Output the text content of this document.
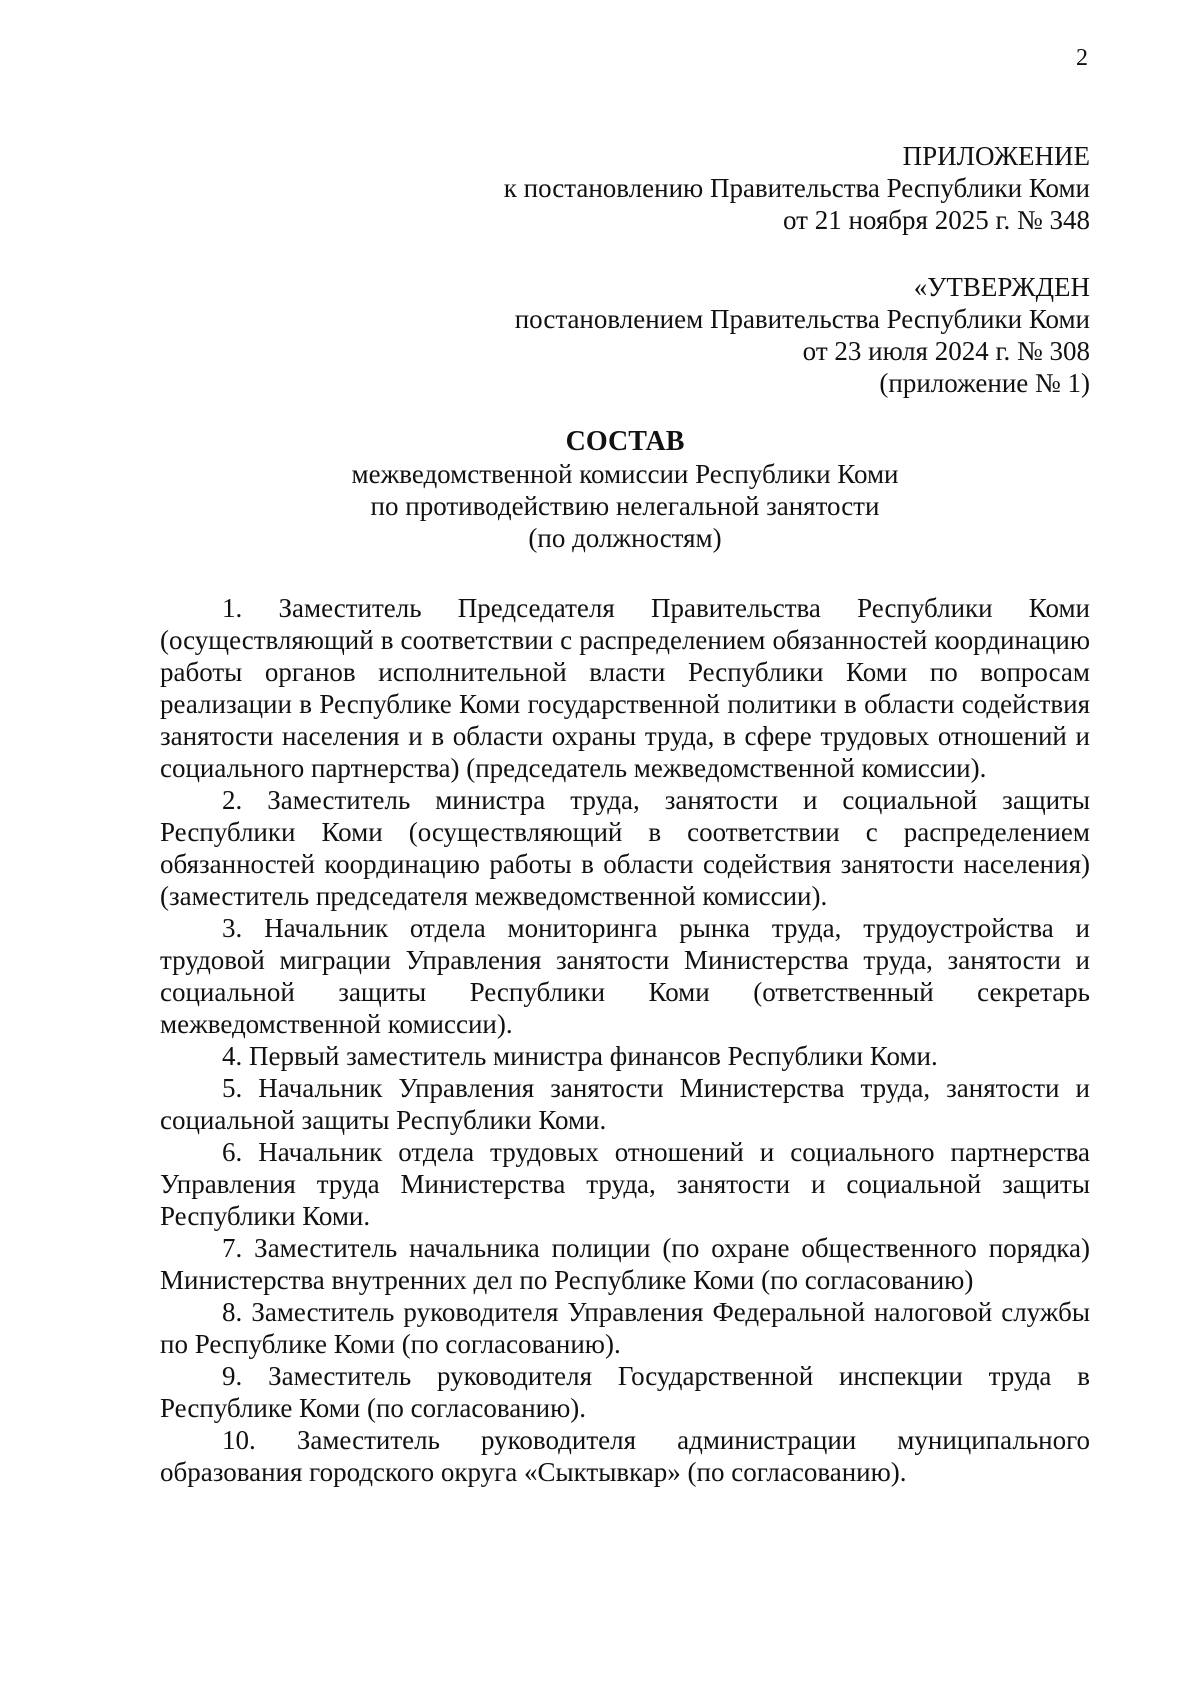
2
ПРИЛОЖЕНИЕ
к постановлению Правительства Республики Коми
от 21 ноября 2025 г. № 348
«УТВЕРЖДЕН
постановлением Правительства Республики Коми
от 23 июля 2024 г. № 308
(приложение № 1)
СОСТАВ
межведомственной комиссии Республики Коми
по противодействию нелегальной занятости
(по должностям)

1. Заместитель Председателя Правительства Республики Коми (осуществляющий в соответствии с распределением обязанностей координацию работы органов исполнительной власти Республики Коми по вопросам реализации в Республике Коми государственной политики в области содействия занятости населения и в области охраны труда, в сфере трудовых отношений и социального партнерства) (председатель межведомственной комиссии).

2. Заместитель министра труда, занятости и социальной защиты Республики Коми (осуществляющий в соответствии с распределением обязанностей координацию работы в области содействия занятости населения) (заместитель председателя межведомственной комиссии).

3. Начальник отдела мониторинга рынка труда, трудоустройства и трудовой миграции Управления занятости Министерства труда, занятости и социальной защиты Республики Коми (ответственный секретарь межведомственной комиссии).

4. Первый заместитель министра финансов Республики Коми.

5. Начальник Управления занятости Министерства труда, занятости и социальной защиты Республики Коми.

6. Начальник отдела трудовых отношений и социального партнерства Управления труда Министерства труда, занятости и социальной защиты Республики Коми.

7. Заместитель начальника полиции (по охране общественного порядка) Министерства внутренних дел по Республике Коми (по согласованию)

8. Заместитель руководителя Управления Федеральной налоговой службы по Республике Коми (по согласованию).

9. Заместитель руководителя Государственной инспекции труда в Республике Коми (по согласованию).

10. Заместитель руководителя администрации муниципального образования городского округа «Сыктывкар» (по согласованию).
